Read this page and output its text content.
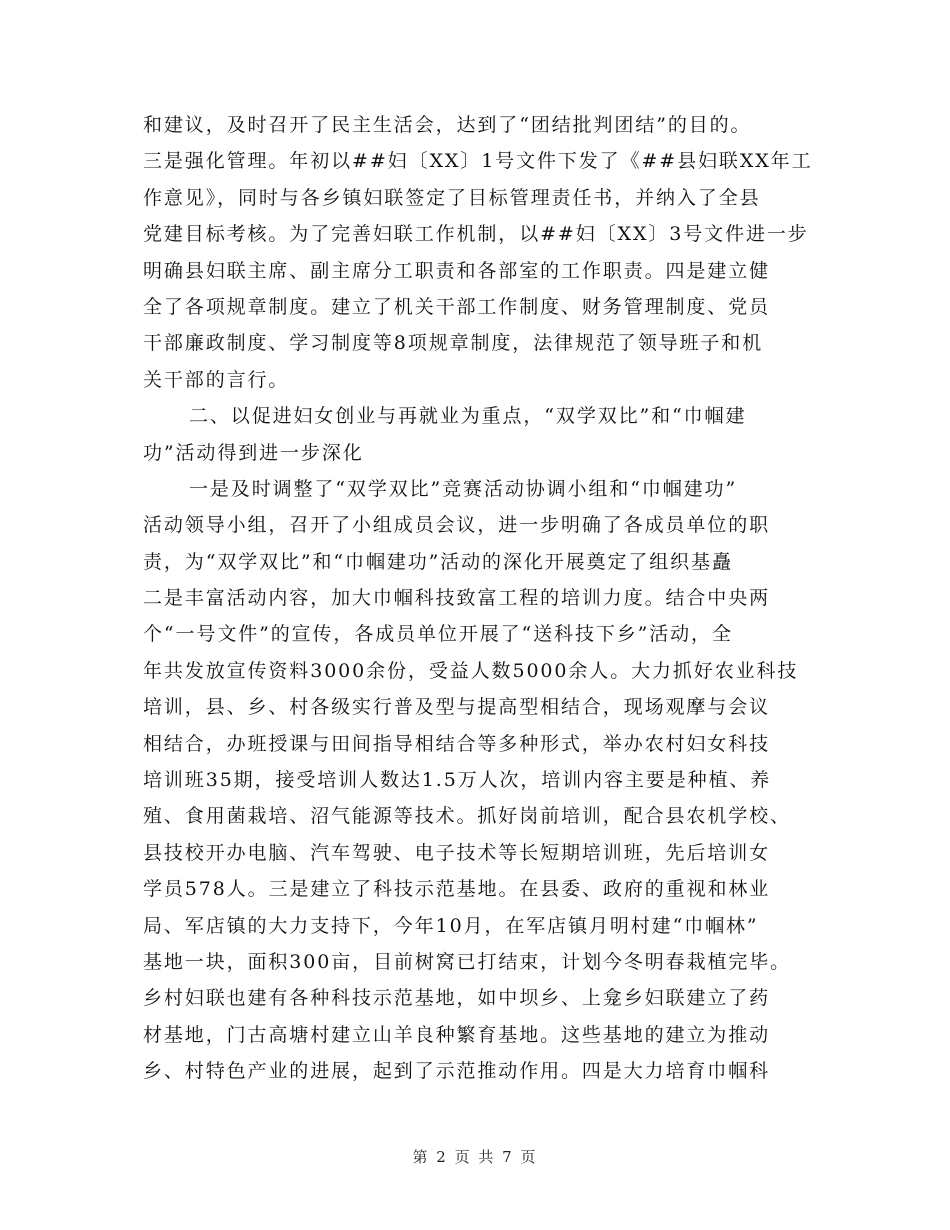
和建议，及时召开了民主生活会，达到了“团结批判团结”的目的。
三是强化管理。年初以##妇〔XX〕1号文件下发了《##县妇联XX年工
作意见》，同时与各乡镇妇联签定了目标管理责任书，并纳入了全县
党建目标考核。为了完善妇联工作机制，以##妇〔XX〕3号文件进一步
明确县妇联主席、副主席分工职责和各部室的工作职责。四是建立健
全了各项规章制度。建立了机关干部工作制度、财务管理制度、党员
干部廉政制度、学习制度等8项规章制度，法律规范了领导班子和机
关干部的言行。
二、以促进妇女创业与再就业为重点，“双学双比”和“巾帼建
功”活动得到进一步深化
一是及时调整了“双学双比”竞赛活动协调小组和“巾帼建功”
活动领导小组，召开了小组成员会议，进一步明确了各成员单位的职
责，为“双学双比”和“巾帼建功”活动的深化开展奠定了组织基矗
二是丰富活动内容，加大巾帼科技致富工程的培训力度。结合中央两
个“一号文件”的宣传，各成员单位开展了“送科技下乡”活动，全
年共发放宣传资料3000余份，受益人数5000余人。大力抓好农业科技
培训，县、乡、村各级实行普及型与提高型相结合，现场观摩与会议
相结合，办班授课与田间指导相结合等多种形式，举办农村妇女科技
培训班35期，接受培训人数达1.5万人次，培训内容主要是种植、养
殖、食用菌栽培、沼气能源等技术。抓好岗前培训，配合县农机学校、
县技校开办电脑、汽车驾驶、电子技术等长短期培训班，先后培训女
学员578人。三是建立了科技示范基地。在县委、政府的重视和林业
局、军店镇的大力支持下，今年10月，在军店镇月明村建“巾帼林”
基地一块，面积300亩，目前树窝已打结束，计划今冬明春栽植完毕。
乡村妇联也建有各种科技示范基地，如中坝乡、上龛乡妇联建立了药
材基地，门古高塘村建立山羊良种繁育基地。这些基地的建立为推动
乡、村特色产业的进展，起到了示范推动作用。四是大力培育巾帼科
第 2 页 共 7 页
